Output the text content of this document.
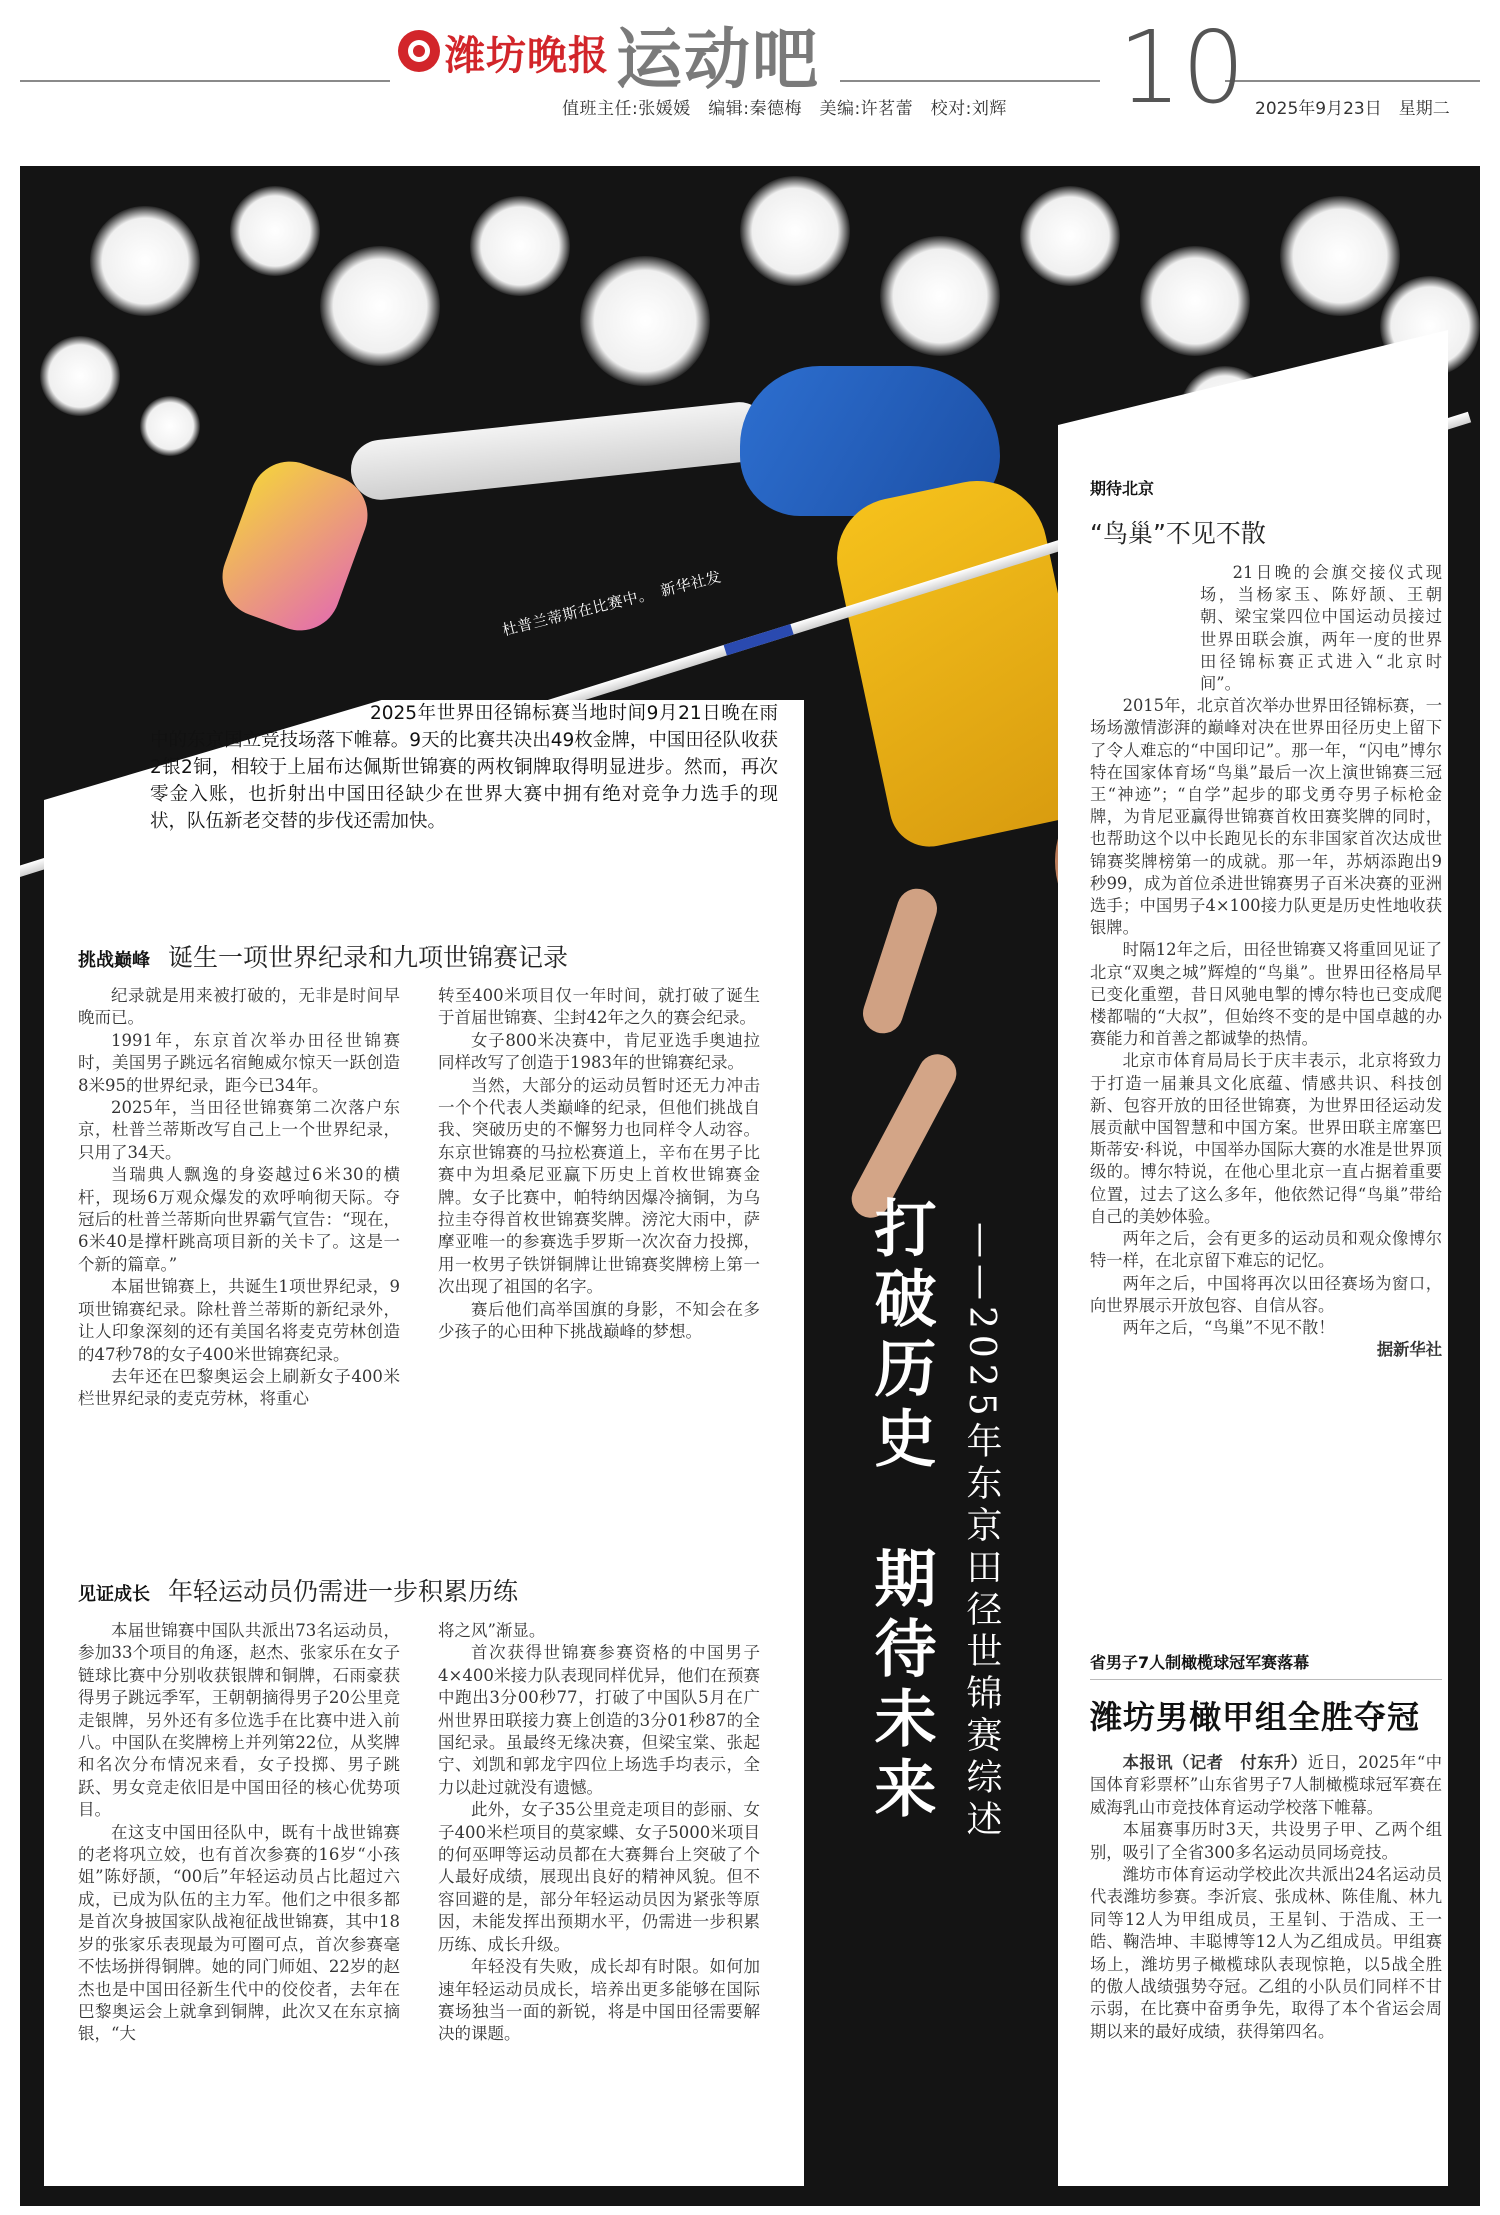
潍坊晚报 运动吧
值班主任:张媛媛　编辑:秦德梅　美编:许茗蕾　校对:刘辉 10 2025年9月23日　星期二
杜普兰蒂斯在比赛中。　新华社发
2025年世界田径锦标赛当地时间9月21日晚在雨中的东京国立竞技场落下帷幕。9天的比赛共决出49枚金牌，中国田径队收获2银2铜，相较于上届布达佩斯世锦赛的两枚铜牌取得明显进步。然而，再次零金入账，也折射出中国田径缺少在世界大赛中拥有绝对竞争力选手的现状，队伍新老交替的步伐还需加快。
挑战巅峰 诞生一项世界纪录和九项世锦赛记录

纪录就是用来被打破的，无非是时间早晚而已。

1991年，东京首次举办田径世锦赛时，美国男子跳远名宿鲍威尔惊天一跃创造8米95的世界纪录，距今已34年。

2025年，当田径世锦赛第二次落户东京，杜普兰蒂斯改写自己上一个世界纪录，只用了34天。

当瑞典人飘逸的身姿越过6米30的横杆，现场6万观众爆发的欢呼响彻天际。夺冠后的杜普兰蒂斯向世界霸气宣告：“现在，6米40是撑杆跳高项目新的关卡了。这是一个新的篇章。”

本届世锦赛上，共诞生1项世界纪录，9项世锦赛纪录。除杜普兰蒂斯的新纪录外，让人印象深刻的还有美国名将麦克劳林创造的47秒78的女子400米世锦赛纪录。

去年还在巴黎奥运会上刷新女子400米栏世界纪录的麦克劳林，将重心

转至400米项目仅一年时间，就打破了诞生于首届世锦赛、尘封42年之久的赛会纪录。

女子800米决赛中，肯尼亚选手奥迪拉同样改写了创造于1983年的世锦赛纪录。

当然，大部分的运动员暂时还无力冲击一个个代表人类巅峰的纪录，但他们挑战自我、突破历史的不懈努力也同样令人动容。东京世锦赛的马拉松赛道上，辛布在男子比赛中为坦桑尼亚赢下历史上首枚世锦赛金牌。女子比赛中，帕特纳因爆冷摘铜，为乌拉圭夺得首枚世锦赛奖牌。滂沱大雨中，萨摩亚唯一的参赛选手罗斯一次次奋力投掷，用一枚男子铁饼铜牌让世锦赛奖牌榜上第一次出现了祖国的名字。

赛后他们高举国旗的身影，不知会在多少孩子的心田种下挑战巅峰的梦想。

见证成长 年轻运动员仍需进一步积累历练

本届世锦赛中国队共派出73名运动员，参加33个项目的角逐，赵杰、张家乐在女子链球比赛中分别收获银牌和铜牌，石雨豪获得男子跳远季军，王朝朝摘得男子20公里竞走银牌，另外还有多位选手在比赛中进入前八。中国队在奖牌榜上并列第22位，从奖牌和名次分布情况来看，女子投掷、男子跳跃、男女竞走依旧是中国田径的核心优势项目。

在这支中国田径队中，既有十战世锦赛的老将巩立姣，也有首次参赛的16岁“小孩姐”陈妤颉，“00后”年轻运动员占比超过六成，已成为队伍的主力军。他们之中很多都是首次身披国家队战袍征战世锦赛，其中18岁的张家乐表现最为可圈可点，首次参赛毫不怯场拼得铜牌。她的同门师姐、22岁的赵杰也是中国田径新生代中的佼佼者，去年在巴黎奥运会上就拿到铜牌，此次又在东京摘银，“大

将之风”渐显。

首次获得世锦赛参赛资格的中国男子4×400米接力队表现同样优异，他们在预赛中跑出3分00秒77，打破了中国队5月在广州世界田联接力赛上创造的3分01秒87的全国纪录。虽最终无缘决赛，但梁宝棠、张起宁、刘凯和郭龙宇四位上场选手均表示，全力以赴过就没有遗憾。

此外，女子35公里竞走项目的彭丽、女子400米栏项目的莫家蝶、女子5000米项目的何巫呷等运动员都在大赛舞台上突破了个人最好成绩，展现出良好的精神风貌。但不容回避的是，部分年轻运动员因为紧张等原因，未能发挥出预期水平，仍需进一步积累历练、成长升级。

年轻没有失败，成长却有时限。如何加速年轻运动员成长，培养出更多能够在国际赛场独当一面的新锐，将是中国田径需要解决的课题。

打破历史　期待未来 ——2025年东京田径世锦赛综述
期待北京
“鸟巢”不见不散

21日晚的会旗交接仪式现场，当杨家玉、陈妤颉、王朝朝、梁宝棠四位中国运动员接过世界田联会旗，两年一度的世界田径锦标赛正式进入“北京时间”。

2015年，北京首次举办世界田径锦标赛，一场场激情澎湃的巅峰对决在世界田径历史上留下了令人难忘的“中国印记”。那一年，“闪电”博尔特在国家体育场“鸟巢”最后一次上演世锦赛三冠王“神迹”；“自学”起步的耶戈勇夺男子标枪金牌，为肯尼亚赢得世锦赛首枚田赛奖牌的同时，也帮助这个以中长跑见长的东非国家首次达成世锦赛奖牌榜第一的成就。那一年，苏炳添跑出9秒99，成为首位杀进世锦赛男子百米决赛的亚洲选手；中国男子4×100接力队更是历史性地收获银牌。

时隔12年之后，田径世锦赛又将重回见证了北京“双奥之城”辉煌的“鸟巢”。世界田径格局早已变化重塑，昔日风驰电掣的博尔特也已变成爬楼都喘的“大叔”，但始终不变的是中国卓越的办赛能力和首善之都诚挚的热情。

北京市体育局局长于庆丰表示，北京将致力于打造一届兼具文化底蕴、情感共识、科技创新、包容开放的田径世锦赛，为世界田径运动发展贡献中国智慧和中国方案。世界田联主席塞巴斯蒂安·科说，中国举办国际大赛的水准是世界顶级的。博尔特说，在他心里北京一直占据着重要位置，过去了这么多年，他依然记得“鸟巢”带给自己的美妙体验。

两年之后，会有更多的运动员和观众像博尔特一样，在北京留下难忘的记忆。

两年之后，中国将再次以田径赛场为窗口，向世界展示开放包容、自信从容。

两年之后，“鸟巢”不见不散！

据新华社

省男子7人制橄榄球冠军赛落幕
潍坊男橄甲组全胜夺冠

本报讯（记者　付东升）近日，2025年“中国体育彩票杯”山东省男子7人制橄榄球冠军赛在威海乳山市竞技体育运动学校落下帷幕。

本届赛事历时3天，共设男子甲、乙两个组别，吸引了全省300多名运动员同场竞技。

潍坊市体育运动学校此次共派出24名运动员代表潍坊参赛。李沂宸、张成林、陈佳胤、林九同等12人为甲组成员，王星钊、于浩成、王一皓、鞠浩坤、丰聪博等12人为乙组成员。甲组赛场上，潍坊男子橄榄球队表现惊艳，以5战全胜的傲人战绩强势夺冠。乙组的小队员们同样不甘示弱，在比赛中奋勇争先，取得了本个省运会周期以来的最好成绩，获得第四名。
